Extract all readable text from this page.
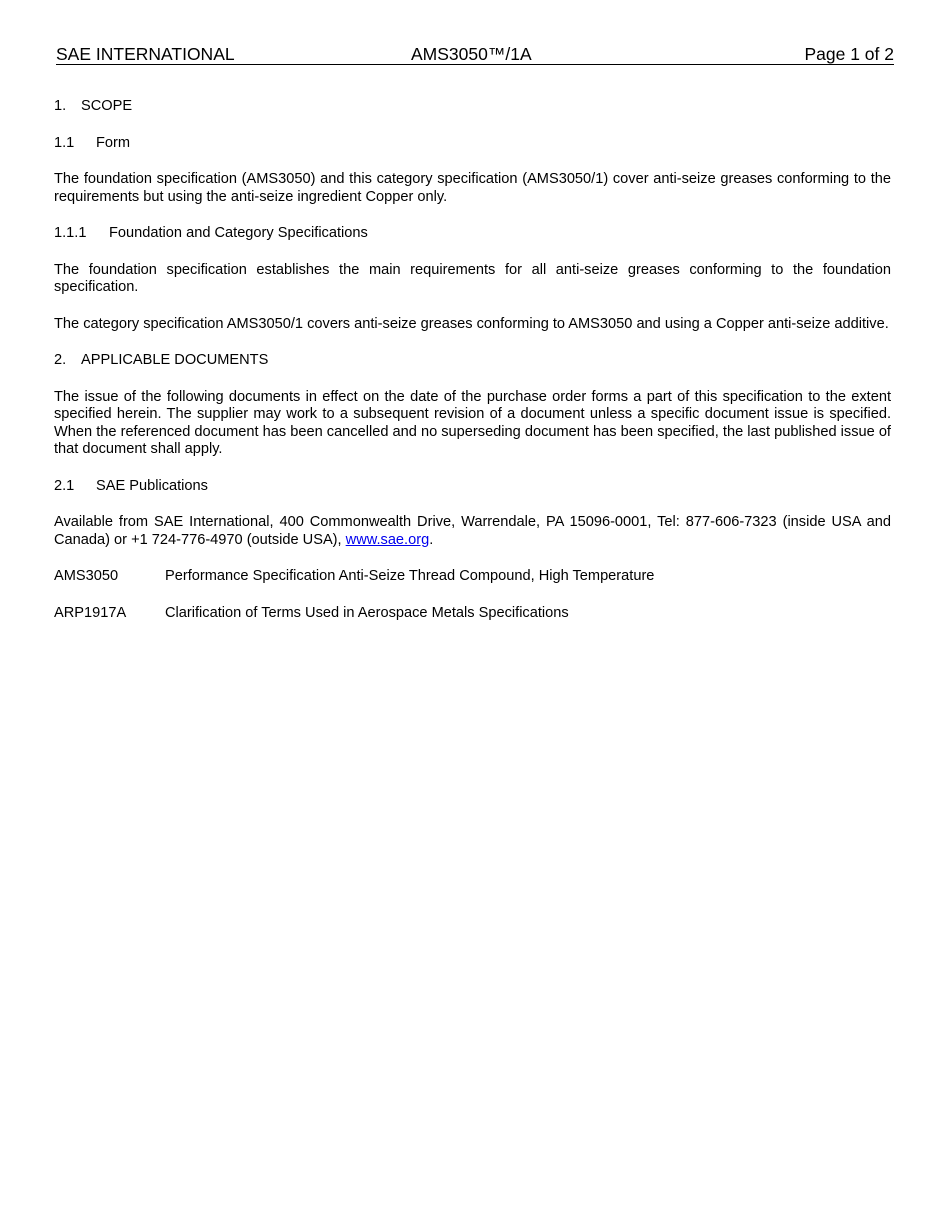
SAE INTERNATIONAL	AMS3050™/1A	Page 1 of 2
1.	SCOPE
1.1	Form

The foundation specification (AMS3050) and this category specification (AMS3050/1) cover anti-seize greases conforming to the requirements but using the anti-seize ingredient Copper only.

1.1.1	Foundation and Category Specifications

The foundation specification establishes the main requirements for all anti-seize greases conforming to the foundation specification.

The category specification AMS3050/1 covers anti-seize greases conforming to AMS3050 and using a Copper anti-seize additive.

2.	APPLICABLE DOCUMENTS

The issue of the following documents in effect on the date of the purchase order forms a part of this specification to the extent specified herein. The supplier may work to a subsequent revision of a document unless a specific document issue is specified. When the referenced document has been cancelled and no superseding document has been specified, the last published issue of that document shall apply.

2.1	SAE Publications

Available from SAE International, 400 Commonwealth Drive, Warrendale, PA 15096-0001, Tel: 877-606-7323 (inside USA and Canada) or +1 724-776-4970 (outside USA), www.sae.org.

AMS3050	Performance Specification Anti-Seize Thread Compound, High Temperature
ARP1917A	Clarification of Terms Used in Aerospace Metals Specifications
